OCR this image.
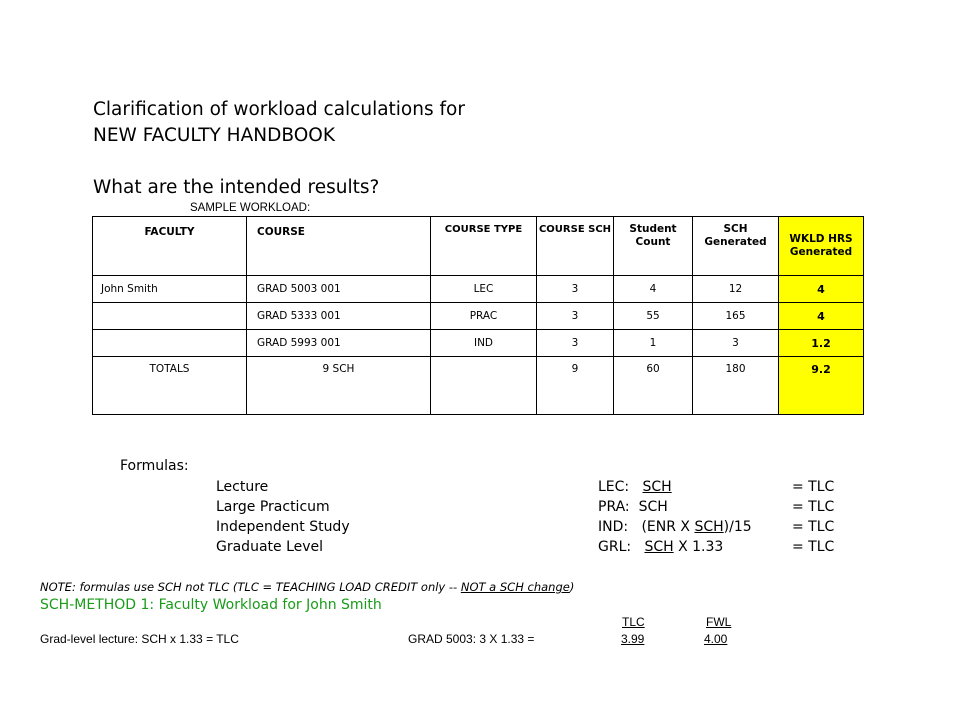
Clarification of workload calculations for
NEW FACULTY HANDBOOK
What are the intended results?
SAMPLE WORKLOAD:
FACULTY	COURSE	COURSE TYPE	COURSE SCH	Student Count	SCH Generated	WKLD HRS
Generated

John Smith	GRAD 5003 001	LEC	3	4	12	4
	GRAD 5333 001	PRAC	3	55	165	4
	GRAD 5993 001	IND	3	1	3	1.2
TOTALS	9 SCH		9	60	180	9.2
Formulas:
Lecture	LEC: SCH	= TLC
Large Practicum	PRA: SCH	= TLC
Independent Study	IND: (ENR X SCH)/15	= TLC
Graduate Level	GRL: SCH X 1.33	= TLC
NOTE: formulas use SCH not TLC (TLC = TEACHING LOAD CREDIT only -- NOT a SCH change)
SCH-METHOD 1: Faculty Workload for John Smith
TLC	FWL
Grad-level lecture: SCH x 1.33 = TLC	GRAD 5003: 3 X 1.33 =	3.99	4.00
